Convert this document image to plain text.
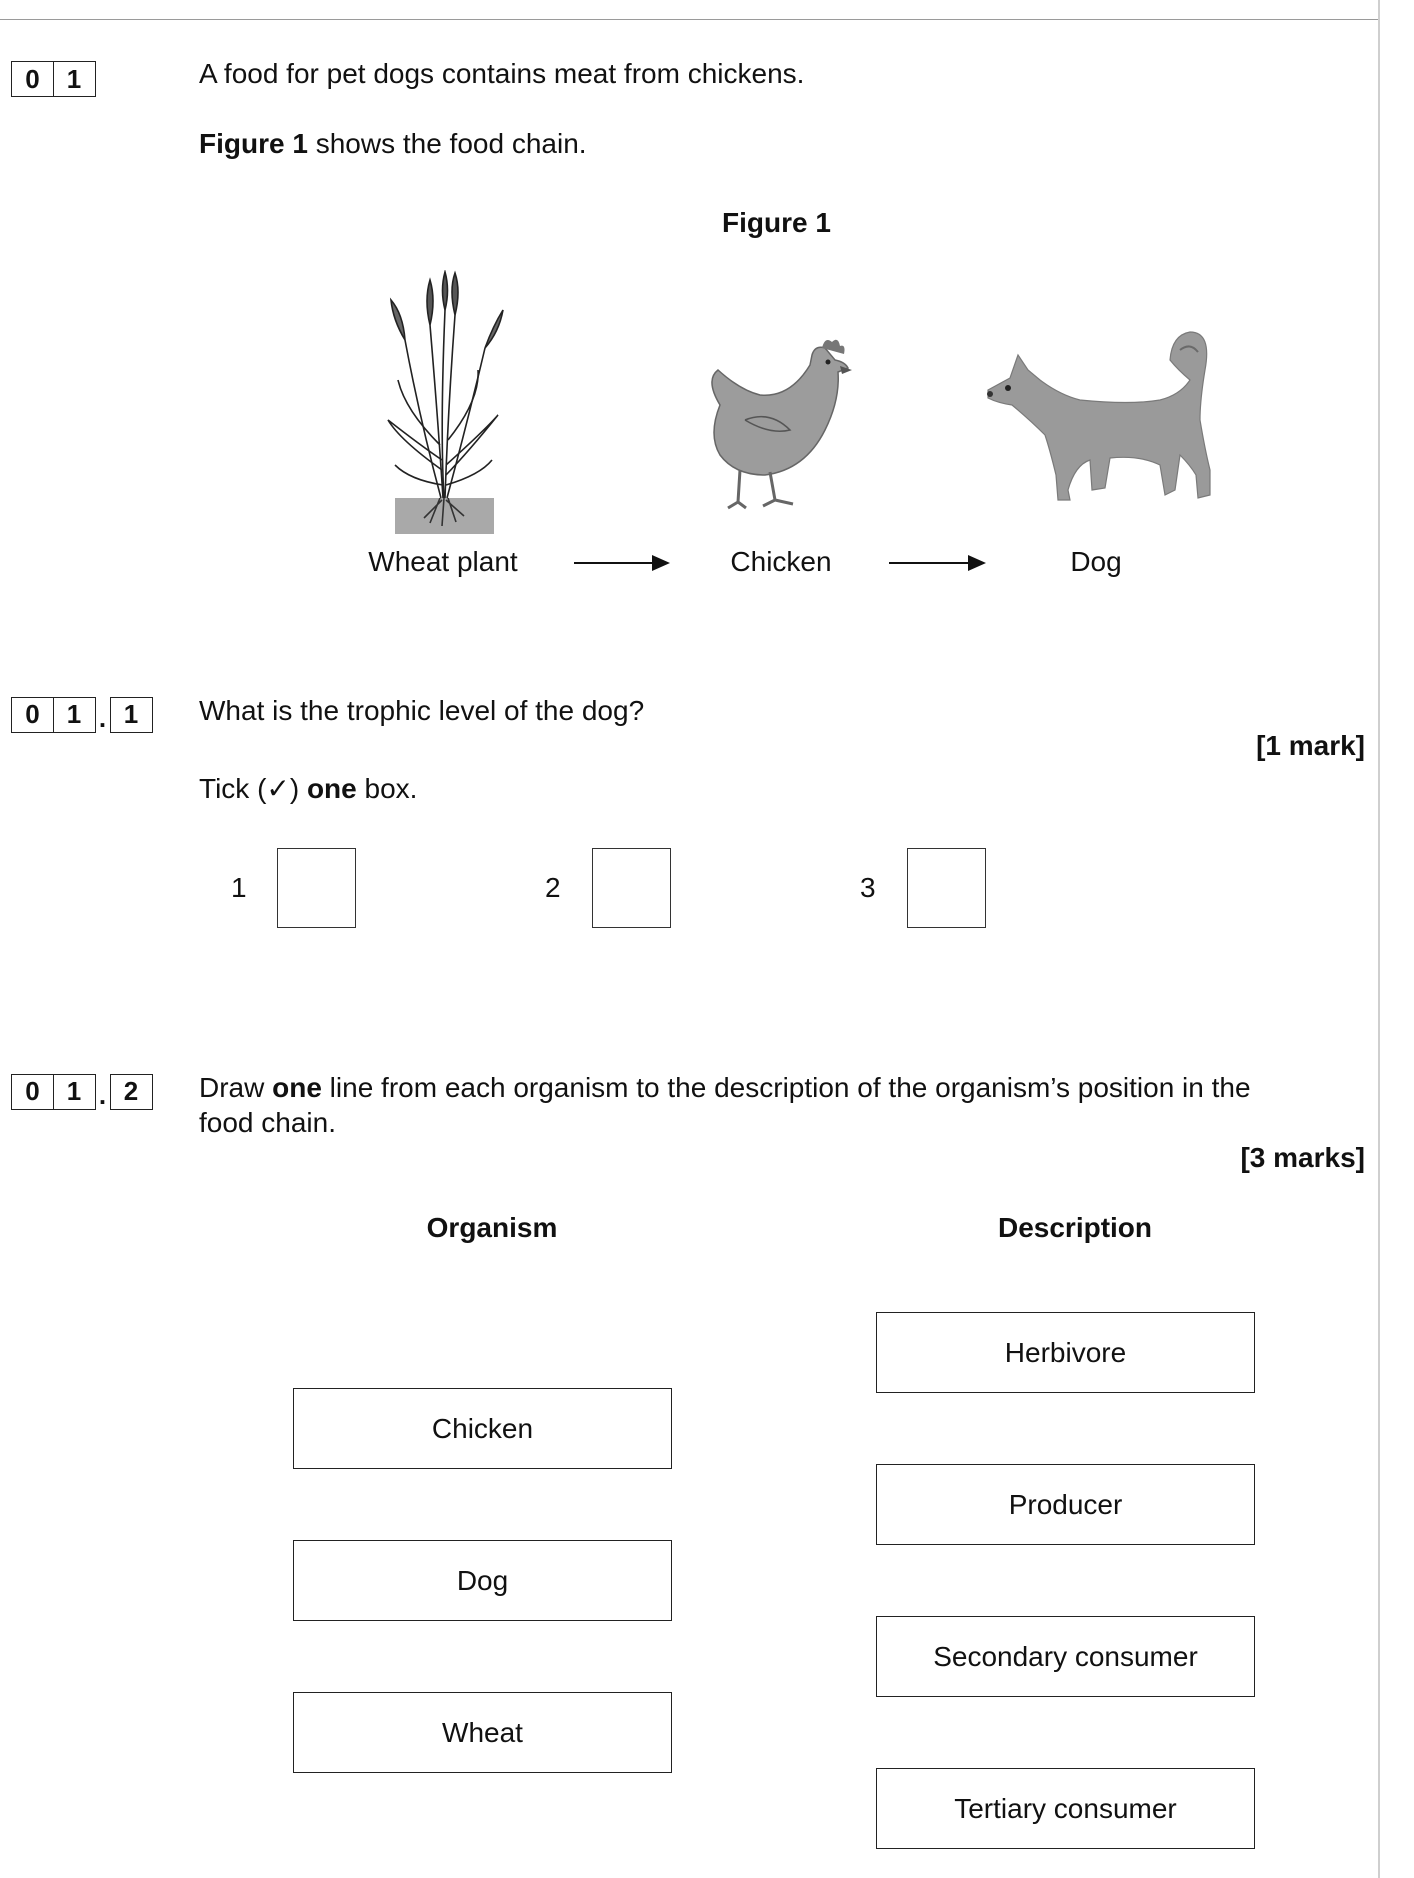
0	1	A food for pet dogs contains meat from chickens.
Figure 1 shows the food chain.
Figure 1
Wheat plant	Chicken	Dog
0	1 . 1	What is the trophic level of the dog?
[1 mark]
Tick (✓) one box.
1	2	3
0	1 . 2	Draw one line from each organism to the description of the organism’s position in the
food chain.
[3 marks]
Organism	Description
Chicken
Dog
Wheat
Herbivore
Producer
Secondary consumer
Tertiary consumer
